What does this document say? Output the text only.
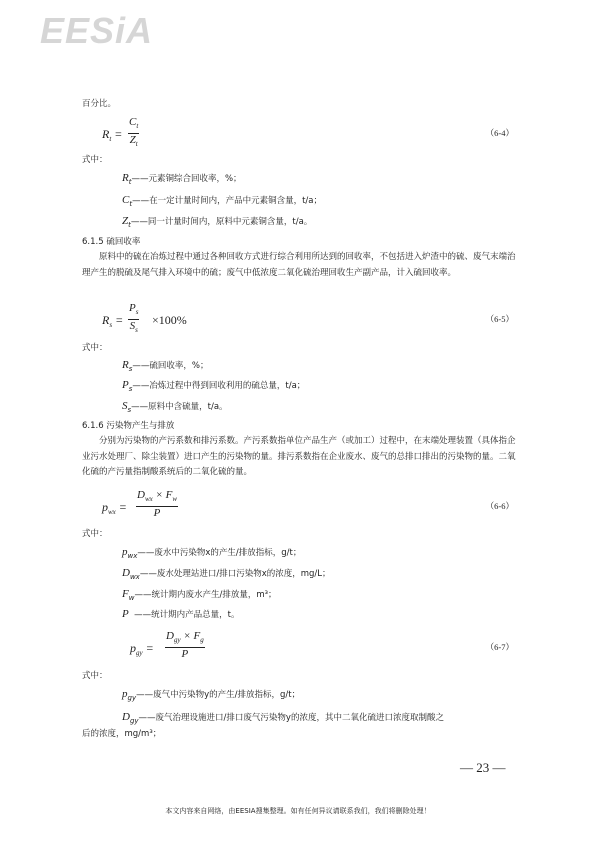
EESiA
百分比。
$R_t = \frac{C_t}{Z_t}$	（6-4）
式中：
$R_t——$元素铜综合回收率，%；
$C_t——$在一定计量时间内，产品中元素铜含量，t/a；
$Z_t——$同一计量时间内，原料中元素铜含量，t/a。
6.1.5 硫回收率
原料中的硫在冶炼过程中通过各种回收方式进行综合利用所达到的回收率，不包括进入炉渣中的硫、废气末端治理产生的脱硫及尾气排入环境中的硫；废气中低浓度二氧化硫治理回收生产副产品，计入硫回收率。
$R_s = \frac{P_s}{S_s} \times 100\%$	（6-5）
式中：
$R_s——$硫回收率，%；
$P_s——$冶炼过程中得到回收利用的硫总量，t/a；
$S_s——$原料中含硫量，t/a。
6.1.6 污染物产生与排放
分别为污染物的产污系数和排污系数。产污系数指单位产品生产（或加工）过程中，在末端处理装置（具体指企业污水处理厂、除尘装置）进口产生的污染物的量。排污系数指在企业废水、废气的总排口排出的污染物的量。二氧化硫的产污量指制酸系统后的二氧化硫的量。
$p_{wx}$ =
$D_{wx} \times F_w$
P
（6-6）
式中：
$p_{wx}——$废水中污染物x的产生/排放指标，g/t；
$D_{wx}——$废水处理站进口/排口污染物x的浓度，mg/L；
$F_w——$统计期内废水产生/排放量，m³；
P ——统计期内产品总量，t。
$p_{gy}$ =
$D_{gy} \times F_g$
P
（6-7）
式中：
$p_{gy}——$废气中污染物y的产生/排放指标，g/t；
$D_{gy}——$废气治理设施进口/排口废气污染物y的浓度，其中二氧化硫进口浓度取制酸之
后的浓度，mg/m³；
— 23 —
本文内容来自网络，由EESIA搜集整理。如有任何异议请联系我们，我们将删除处理！
